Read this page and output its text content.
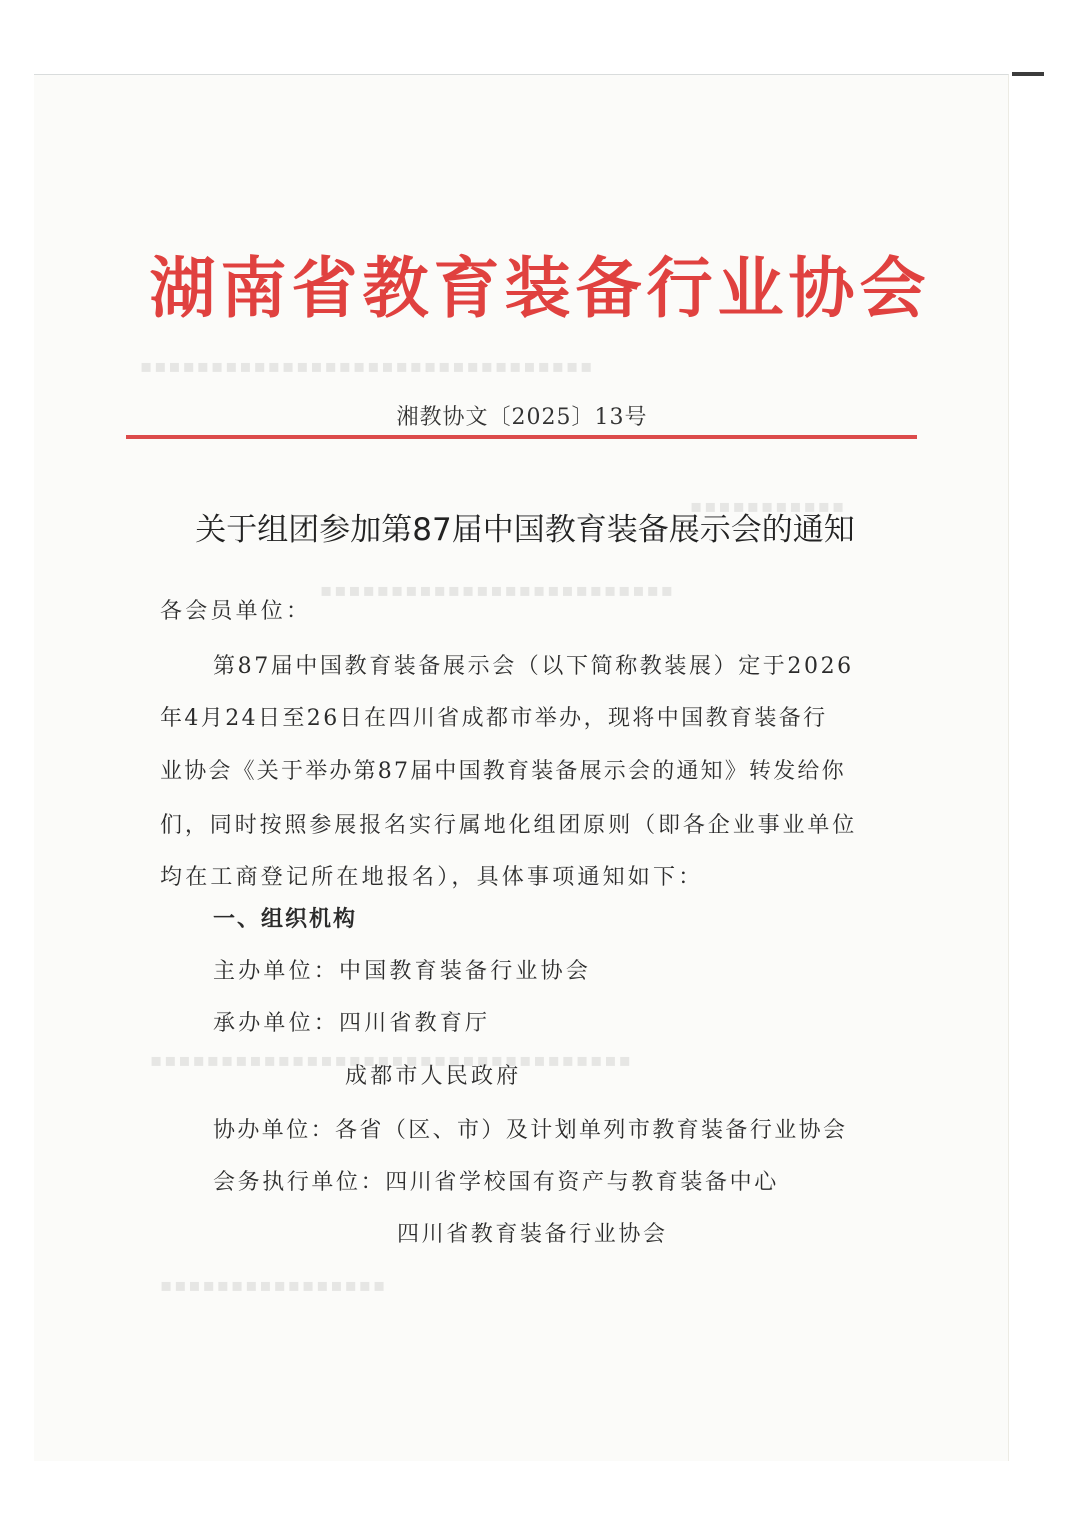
▪▪▪▪▪▪▪▪▪▪▪▪▪▪▪▪▪▪▪▪▪▪▪▪▪▪▪▪▪▪▪▪
▪▪▪▪▪▪▪▪▪▪▪
▪▪▪▪▪▪▪▪▪▪▪▪▪▪▪▪▪▪▪▪▪▪▪▪▪
▪▪▪▪▪▪▪▪▪▪▪▪▪▪▪▪▪▪▪▪▪▪▪▪▪▪▪▪▪▪▪▪▪▪
▪▪▪▪▪▪▪▪▪▪▪▪▪▪▪▪
湖南省教育装备行业协会
湘教协文〔2025〕13号
关于组团参加第87届中国教育装备展示会的通知
各会员单位：
第87届中国教育装备展示会（以下简称教装展）定于2026
年4月24日至26日在四川省成都市举办，现将中国教育装备行
业协会《关于举办第87届中国教育装备展示会的通知》转发给你
们，同时按照参展报名实行属地化组团原则（即各企业事业单位
均在工商登记所在地报名），具体事项通知如下：
一、组织机构
主办单位：中国教育装备行业协会
承办单位：四川省教育厅
成都市人民政府
协办单位：各省（区、市）及计划单列市教育装备行业协会
会务执行单位：四川省学校国有资产与教育装备中心
四川省教育装备行业协会
